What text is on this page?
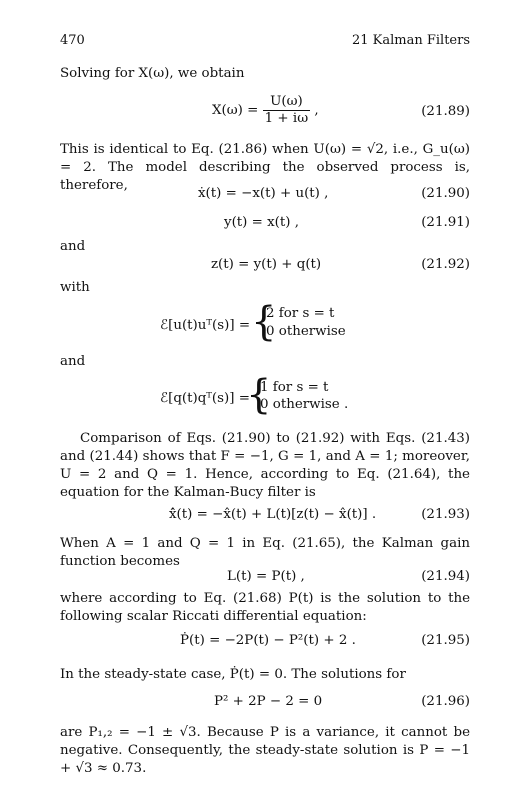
470	21 Kalman Filters
Solving for X(ω), we obtain
$X(\omega) = \frac{U(\omega)}{1 + i\omega}$ ,	(21.89)
This is identical to Eq. (21.86) when U(ω) = √2, i.e., G_u(ω) = 2. The model describing the observed process is, therefore,
ẋ(t) = −x(t) + u(t) ,	(21.90)
y(t) = x(t) ,	(21.91)
and
z(t) = y(t) + q(t)	(21.92)
with
ℰ[u(t)uᵀ(s)] = {
2 for s = t
0 otherwise
and
ℰ[q(t)qᵀ(s)] =
{
1 for s = t
0 otherwise .
Comparison of Eqs. (21.90) to (21.92) with Eqs. (21.43) and (21.44) shows that F = −1, G = 1, and A = 1; moreover, U = 2 and Q = 1. Hence, according to Eq. (21.64), the equation for the Kalman-Bucy filter is
x̂̇(t) = −x̂(t) + L(t)[z(t) − x̂(t)] .	(21.93)
When A = 1 and Q = 1 in Eq. (21.65), the Kalman gain function becomes
L(t) = P(t) ,	(21.94)
where according to Eq. (21.68) P(t) is the solution to the following scalar Riccati differential equation:
Ṗ(t) = −2P(t) − P²(t) + 2 .	(21.95)
In the steady-state case, Ṗ(t) = 0. The solutions for
P² + 2P − 2 = 0	(21.96)
are P₁,₂ = −1 ± √3. Because P is a variance, it cannot be negative. Consequently, the steady-state solution is P = −1 + √3 ≈ 0.73.
